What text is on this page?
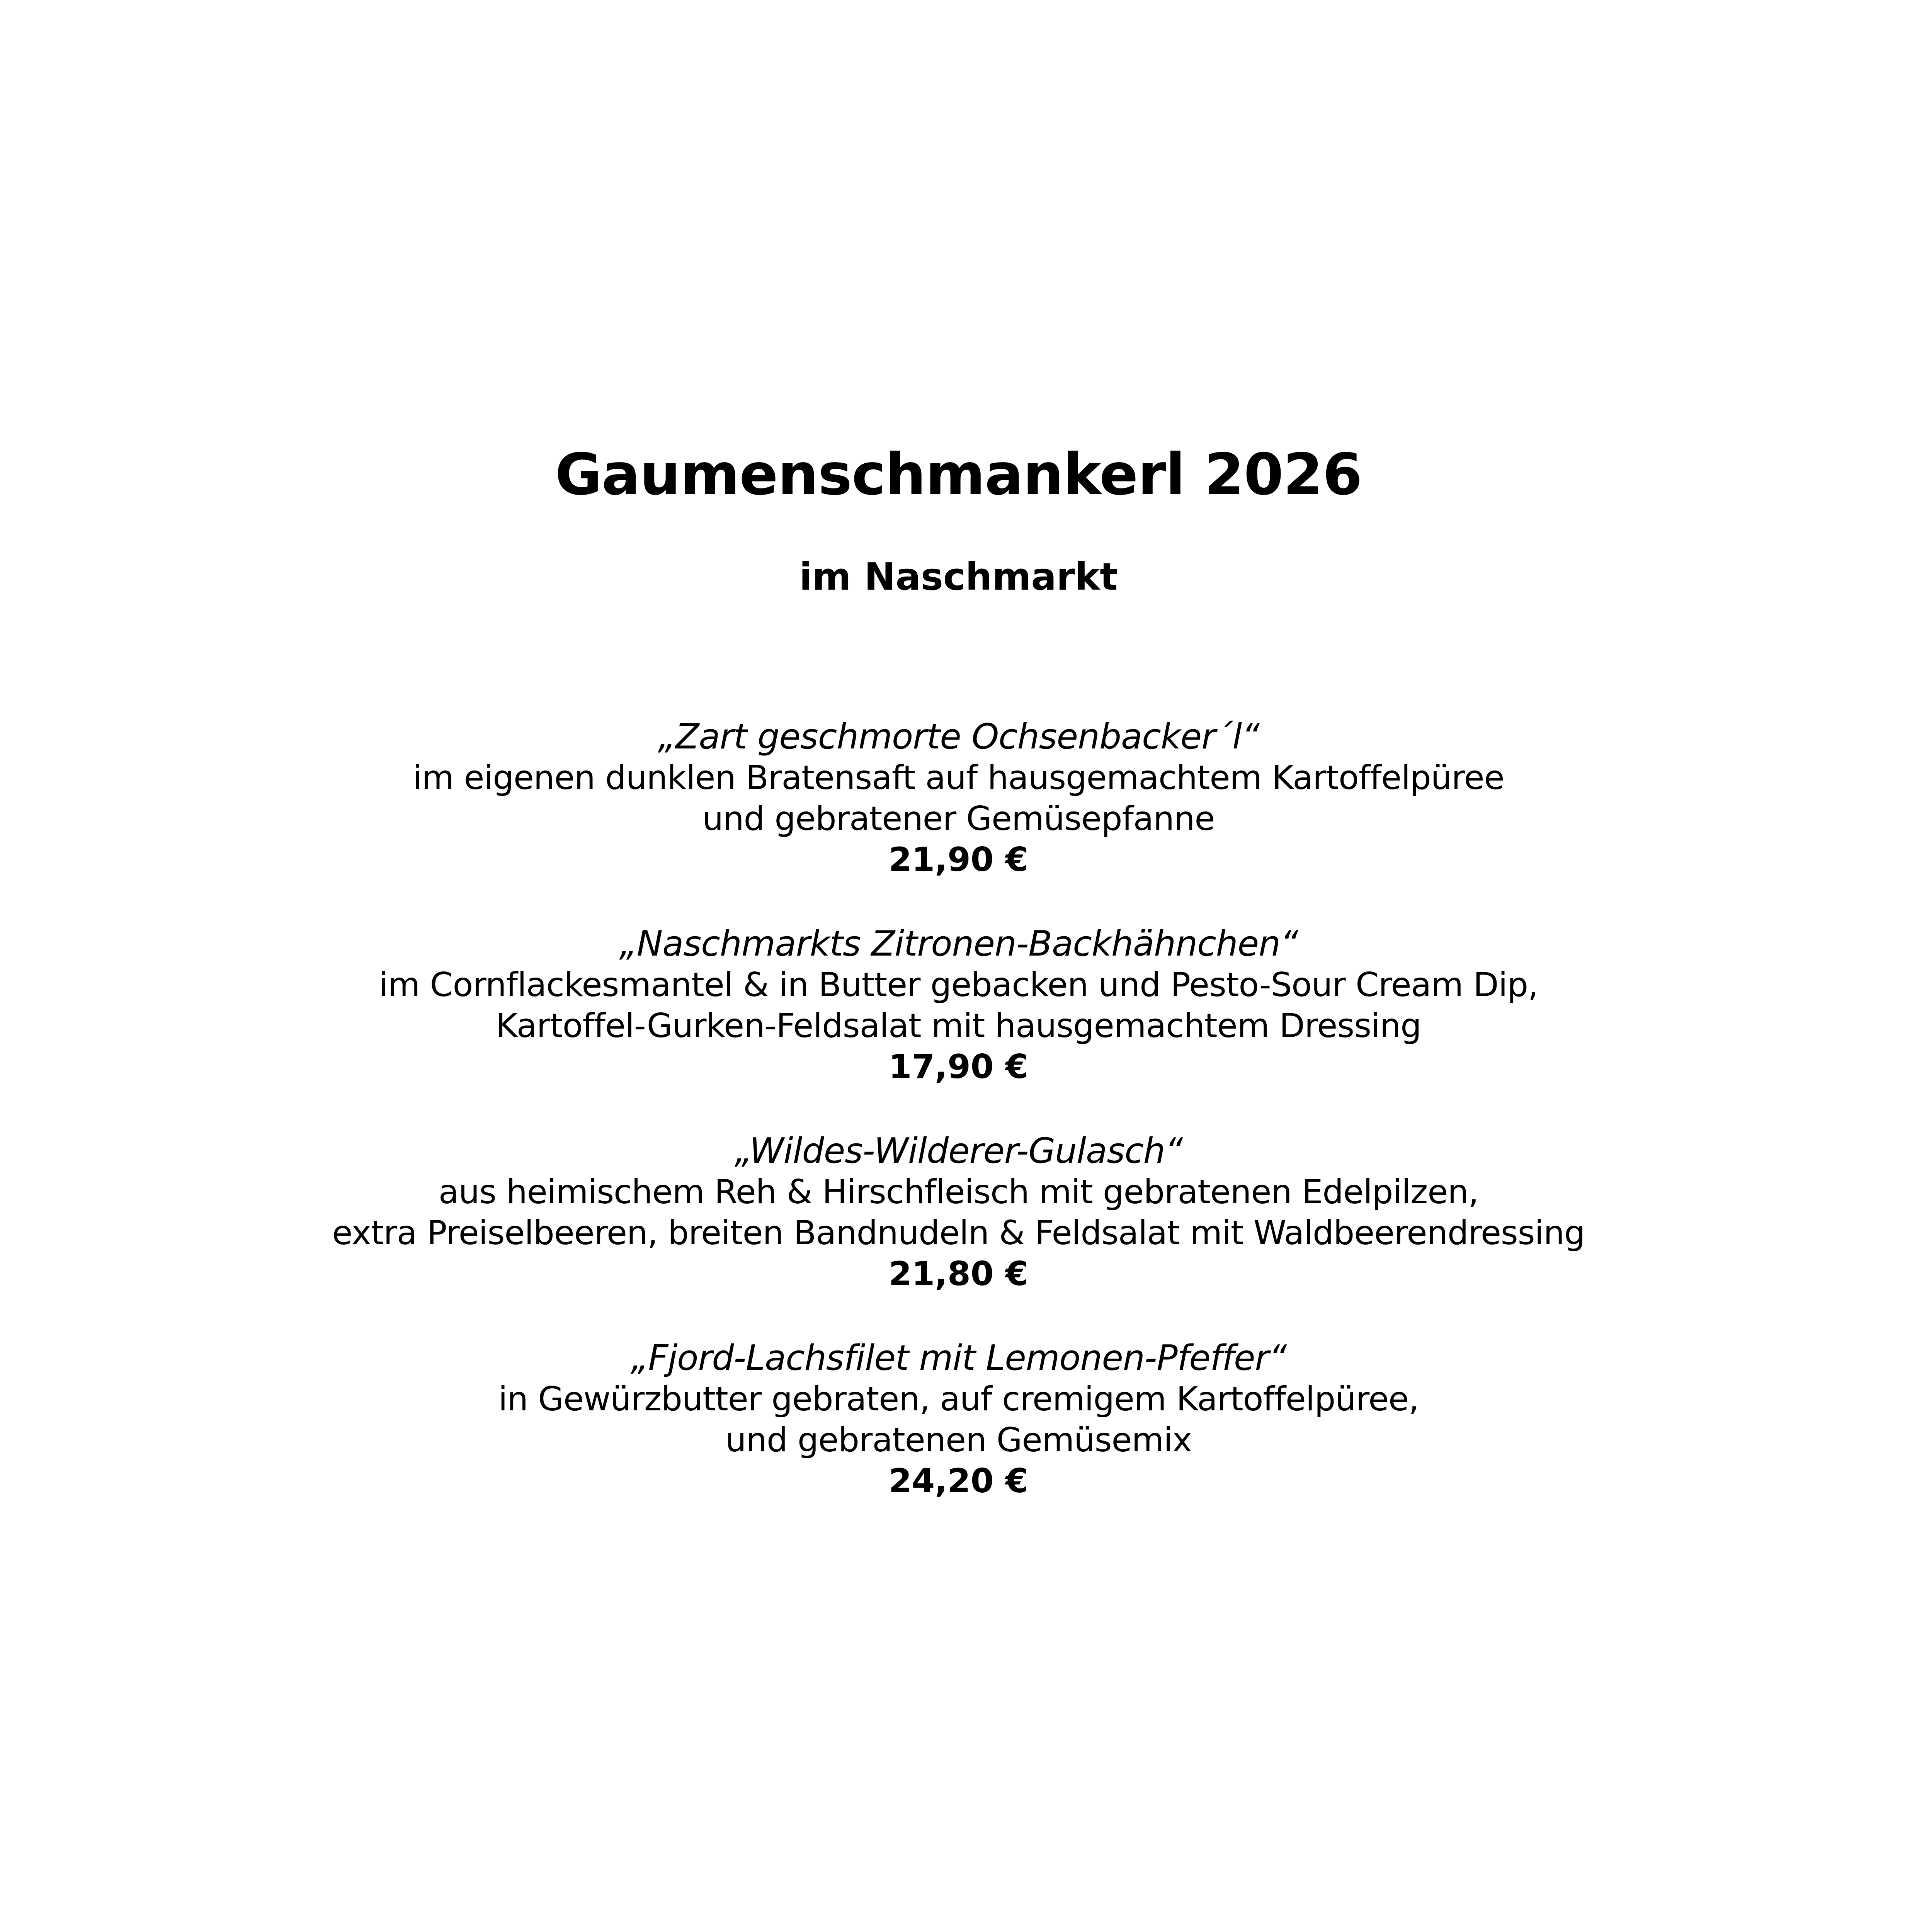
Gaumenschmankerl 2026
im Naschmarkt
„Zart geschmorte Ochsenbacker´l“
im eigenen dunklen Bratensaft auf hausgemachtem Kartoffelpüree
und gebratener Gemüsepfanne
21,90 €
„Naschmarkts Zitronen-Backhähnchen“
im Cornflackesmantel & in Butter gebacken und Pesto-Sour Cream Dip,
Kartoffel-Gurken-Feldsalat mit hausgemachtem Dressing
17,90 €
„Wildes-Wilderer-Gulasch“
aus heimischem Reh & Hirschfleisch mit gebratenen Edelpilzen,
extra Preiselbeeren, breiten Bandnudeln & Feldsalat mit Waldbeerendressing
21,80 €
„Fjord-Lachsfilet mit Lemonen-Pfeffer“
in Gewürzbutter gebraten, auf cremigem Kartoffelpüree,
und gebratenen Gemüsemix
24,20 €
